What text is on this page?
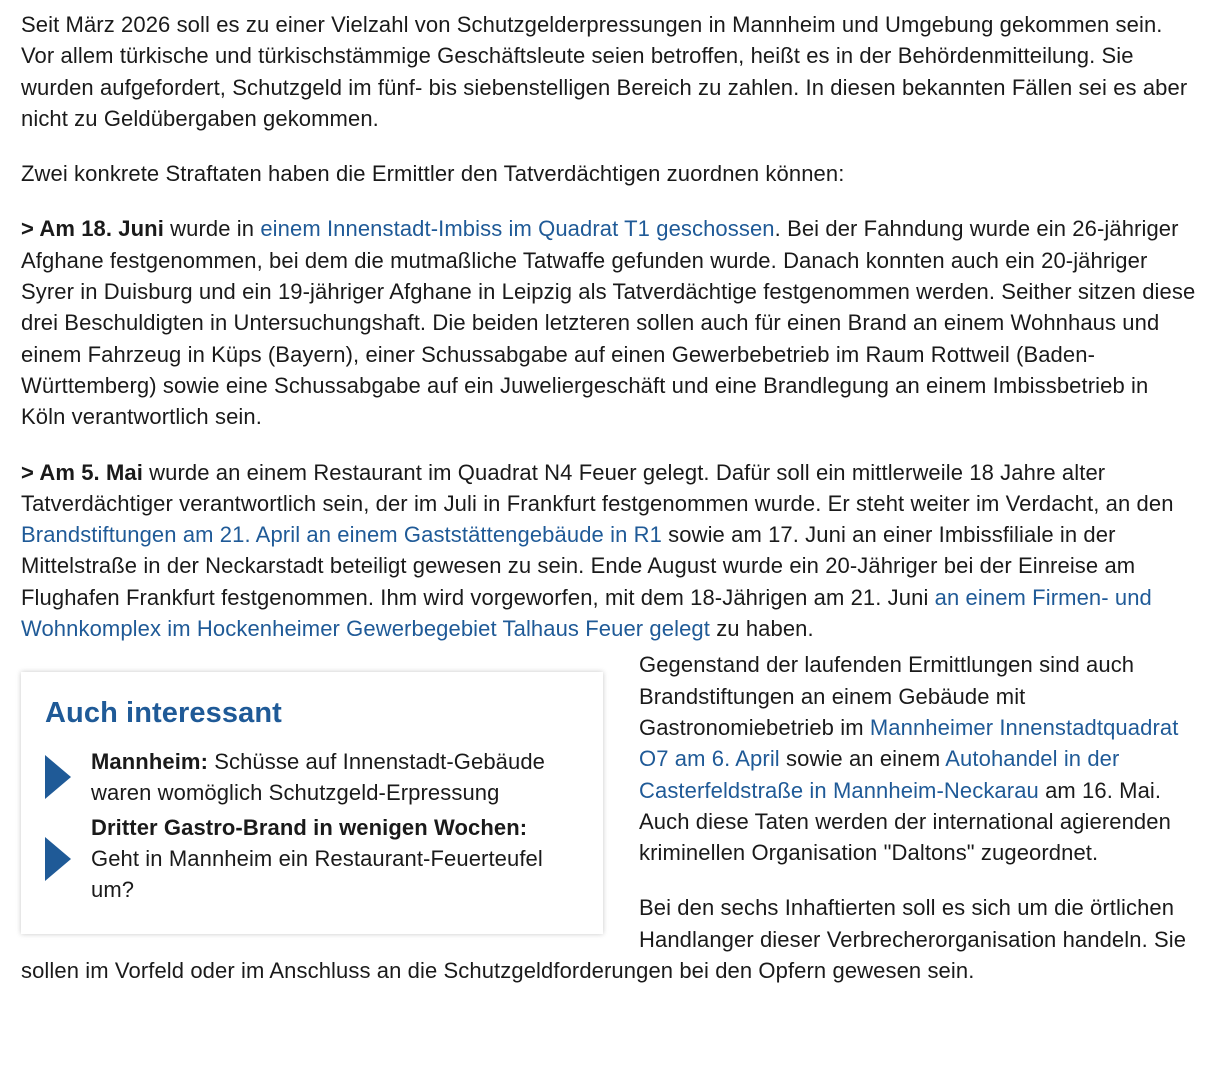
Seit März 2026 soll es zu einer Vielzahl von Schutzgelderpressungen in Mannheim und Umgebung gekommen sein. Vor allem türkische und türkischstämmige Geschäftsleute seien betroffen, heißt es in der Behördenmitteilung. Sie wurden aufgefordert, Schutzgeld im fünf- bis siebenstelligen Bereich zu zahlen. In diesen bekannten Fällen sei es aber nicht zu Geldübergaben gekommen.

Zwei konkrete Straftaten haben die Ermittler den Tatverdächtigen zuordnen können:

> Am 18. Juni wurde in einem Innenstadt-Imbiss im Quadrat T1 geschossen. Bei der Fahndung wurde ein 26-jähriger Afghane festgenommen, bei dem die mutmaßliche Tatwaffe gefunden wurde. Danach konnten auch ein 20-jähriger Syrer in Duisburg und ein 19-jähriger Afghane in Leipzig als Tatverdächtige festgenommen werden. Seither sitzen diese drei Beschuldigten in Untersuchungshaft. Die beiden letzteren sollen auch für einen Brand an einem Wohnhaus und einem Fahrzeug in Küps (Bayern), einer Schussabgabe auf einen Gewerbebetrieb im Raum Rottweil (Baden-Württemberg) sowie eine Schussabgabe auf ein Juweliergeschäft und eine Brandlegung an einem Imbissbetrieb in Köln verantwortlich sein.

> Am 5. Mai wurde an einem Restaurant im Quadrat N4 Feuer gelegt. Dafür soll ein mittlerweile 18 Jahre alter Tatverdächtiger verantwortlich sein, der im Juli in Frankfurt festgenommen wurde. Er steht weiter im Verdacht, an den Brandstiftungen am 21. April an einem Gaststättengebäude in R1 sowie am 17. Juni an einer Imbissfiliale in der Mittelstraße in der Neckarstadt beteiligt gewesen zu sein. Ende August wurde ein 20-Jähriger bei der Einreise am Flughafen Frankfurt festgenommen. Ihm wird vorgeworfen, mit dem 18-Jährigen am 21. Juni an einem Firmen- und Wohnkomplex im Hockenheimer Gewerbegebiet Talhaus Feuer gelegt zu haben.

Auch interessant
Mannheim: Schüsse auf Innenstadt-Gebäude waren womöglich Schutzgeld-Erpressung
Dritter Gastro-Brand in wenigen Wochen: Geht in Mannheim ein Restaurant-Feuerteufel um?

Gegenstand der laufenden Ermittlungen sind auch Brandstiftungen an einem Gebäude mit Gastronomiebetrieb im Mannheimer Innenstadtquadrat O7 am 6. April sowie an einem Autohandel in der Casterfeldstraße in Mannheim-Neckarau am 16. Mai. Auch diese Taten werden der international agierenden kriminellen Organisation "Daltons" zugeordnet.

Bei den sechs Inhaftierten soll es sich um die örtlichen Handlanger dieser Verbrecherorganisation handeln. Sie sollen im Vorfeld oder im Anschluss an die Schutzgeldforderungen bei den Opfern gewesen sein.
